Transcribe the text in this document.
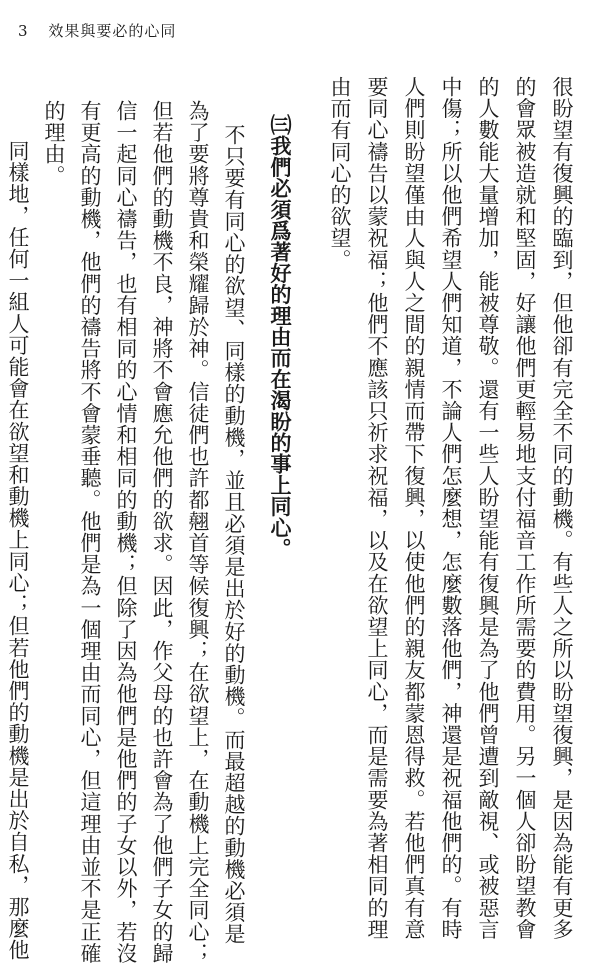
3 效果與要必的心同
很盼望有復興的臨到，但他卻有完全不同的動機。有些人之所以盼望復興，是因為能有更多
的會眾被造就和堅固，好讓他們更輕易地支付福音工作所需要的費用。另一個人卻盼望教會
的人數能大量增加，能被尊敬。還有一些人盼望能有復興是為了他們曾遭到敵視、或被惡言
中傷；所以他們希望人們知道，不論人們怎麼想，怎麼數落他們，神還是祝福他們的。有時
人們則盼望僅由人與人之間的親情而帶下復興，以使他們的親友都蒙恩得救。若他們真有意
要同心禱告以蒙祝福；他們不應該只祈求祝福，以及在欲望上同心，而是需要為著相同的理
由而有同心的欲望。
㈢我們必須爲著好的理由而在渴盼的事上同心。
不只要有同心的欲望、同樣的動機，並且必須是出於好的動機。而最超越的動機必須是
為了要將尊貴和榮耀歸於神。信徒們也許都翹首等候復興；在欲望上，在動機上完全同心；
但若他們的動機不良，神將不會應允他們的欲求。因此，作父母的也許會為了他們子女的歸
信一起同心禱告，也有相同的心情和相同的動機；但除了因為他們是他們的子女以外，若沒
有更高的動機，他們的禱告將不會蒙垂聽。他們是為一個理由而同心，但這理由並不是正確
的理由。
同樣地，任何一組人可能會在欲望和動機上同心；但若他們的動機是出於自私，那麼他
